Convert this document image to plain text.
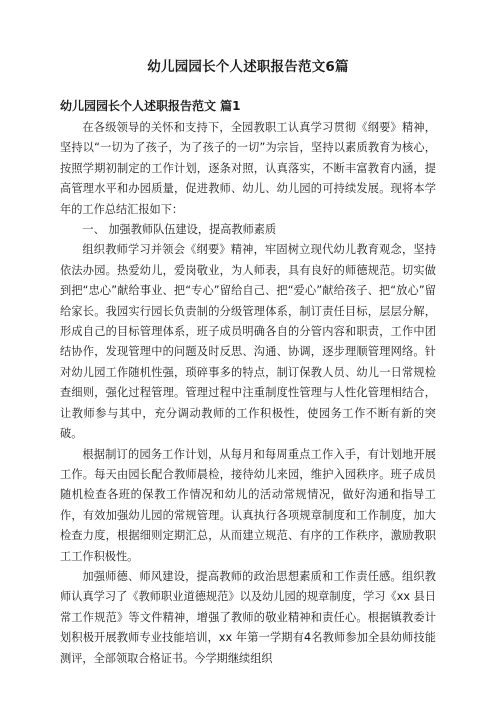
幼儿园园长个人述职报告范文6篇
幼儿园园长个人述职报告范文 篇1

在各级领导的关怀和支持下，全园教职工认真学习贯彻《纲要》精神，坚持以“一切为了孩子，为了孩子的一切”为宗旨，坚持以素质教育为核心，按照学期初制定的工作计划，逐条对照，认真落实，不断丰富教育内涵，提高管理水平和办园质量，促进教师、幼儿、幼儿园的可持续发展。现将本学年的工作总结汇报如下：

一、 加强教师队伍建设，提高教师素质

组织教师学习并领会《纲要》精神，牢固树立现代幼儿教育观念，坚持依法办园。热爱幼儿，爱岗敬业，为人师表，具有良好的师德规范。切实做到把“忠心”献给事业、把“专心”留给自己、把“爱心”献给孩子、把“放心”留给家长。我园实行园长负责制的分级管理体系，制订责任目标，层层分解，形成自己的目标管理体系，班子成员明确各自的分管内容和职责，工作中团结协作，发现管理中的问题及时反思、沟通、协调，逐步理顺管理网络。针对幼儿园工作随机性强，琐碎事多的特点，制订保教人员、幼儿一日常规检查细则，强化过程管理。管理过程中注重制度性管理与人性化管理相结合，让教师参与其中，充分调动教师的工作积极性，使园务工作不断有新的突破。

根据制订的园务工作计划，从每月和每周重点工作入手，有计划地开展工作。每天由园长配合教师晨检，接待幼儿来园，维护入园秩序。班子成员随机检查各班的保教工作情况和幼儿的活动常规情况，做好沟通和指导工作，有效加强幼儿园的常规管理。认真执行各项规章制度和工作制度，加大检查力度，根据细则定期汇总，从而建立规范、有序的工作秩序，激励教职工工作积极性。

加强师德、师风建设，提高教师的政治思想素质和工作责任感。组织教师认真学习了《教师职业道德规范》以及幼儿园的规章制度，学习《xx 县日常工作规范》等文件精神，增强了教师的敬业精神和责任心。根据镇教委计划积极开展教师专业技能培训，xx 年第一学期有4名教师参加全县幼师技能测评，全部领取合格证书。今学期继续组织
